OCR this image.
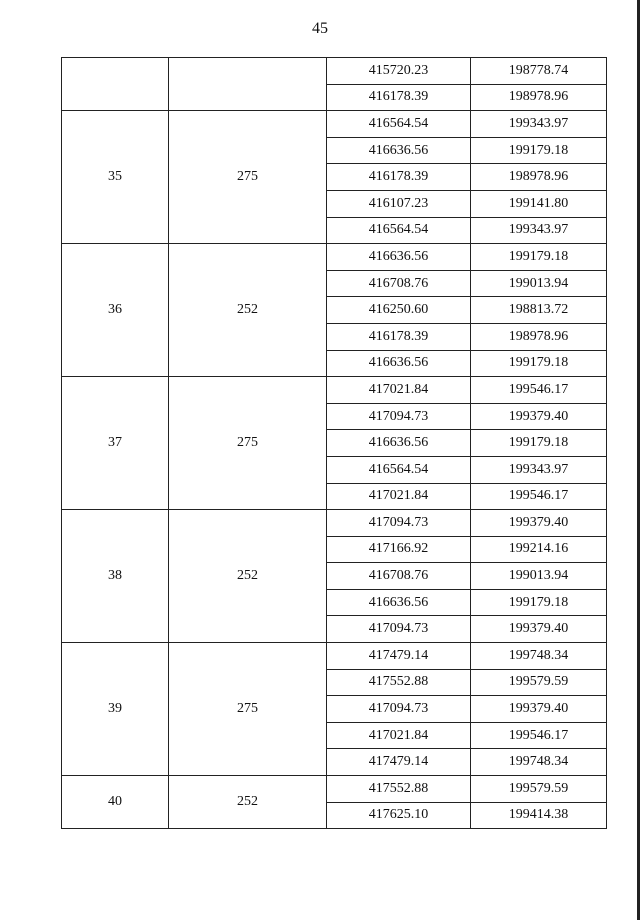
45
		415720.23	198778.74
		416178.39	198978.96
35	275	416564.54	199343.97
		416636.56	199179.18
		416178.39	198978.96
		416107.23	199141.80
		416564.54	199343.97
36	252	416636.56	199179.18
		416708.76	199013.94
		416250.60	198813.72
		416178.39	198978.96
		416636.56	199179.18
37	275	417021.84	199546.17
		417094.73	199379.40
		416636.56	199179.18
		416564.54	199343.97
		417021.84	199546.17
38	252	417094.73	199379.40
		417166.92	199214.16
		416708.76	199013.94
		416636.56	199179.18
		417094.73	199379.40
39	275	417479.14	199748.34
		417552.88	199579.59
		417094.73	199379.40
		417021.84	199546.17
		417479.14	199748.34
40	252	417552.88	199579.59
		417625.10	199414.38
